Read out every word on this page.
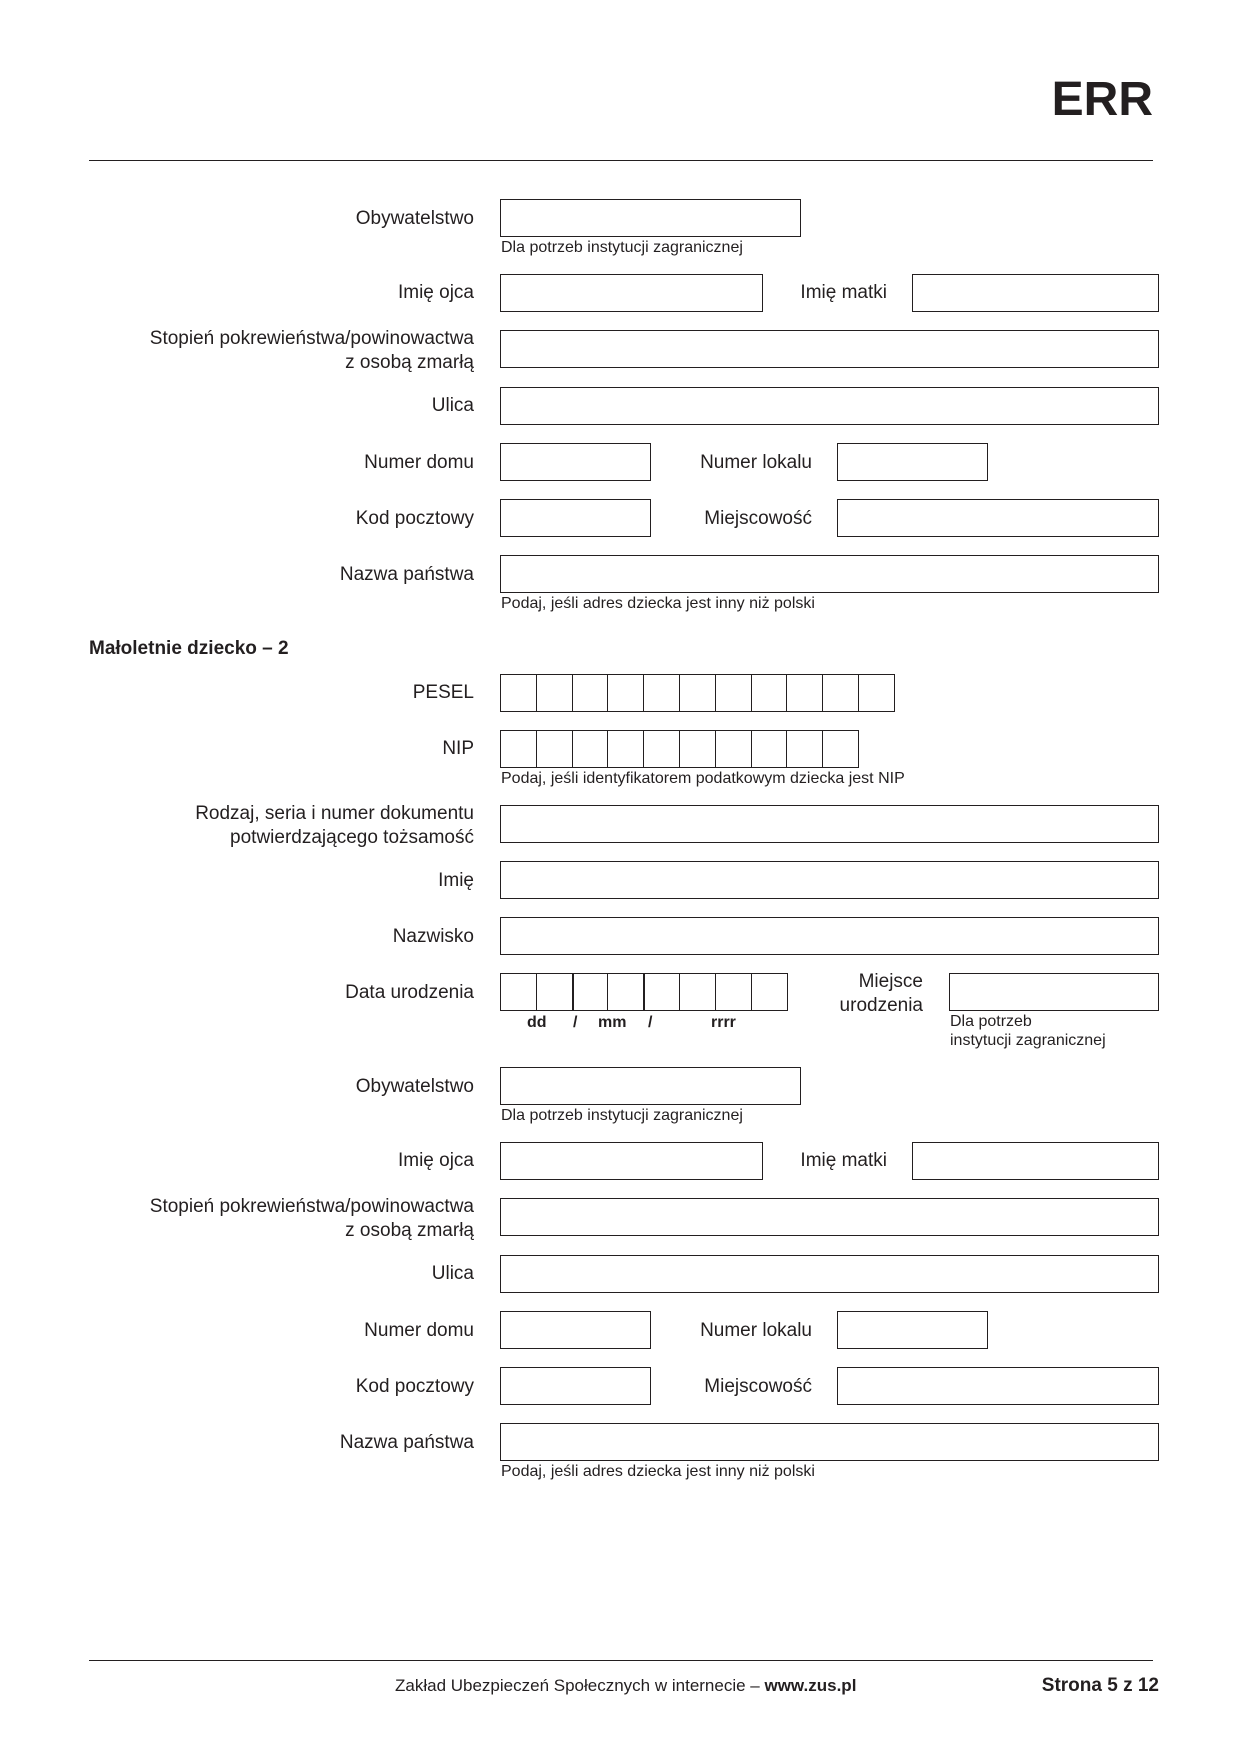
ERR
Obywatelstwo
Dla potrzeb instytucji zagranicznej
Imię ojca	Imię matki
Stopień pokrewieństwa/powinowactwa
z osobą zmarłą
Ulica
Numer domu	Numer lokalu
Kod pocztowy	Miejscowość
Nazwa państwa
Podaj, jeśli adres dziecka jest inny niż polski
Małoletnie dziecko – 2
PESEL
NIP
Podaj, jeśli identyfikatorem podatkowym dziecka jest NIP
Rodzaj, seria i numer dokumentu
potwierdzającego tożsamość
Imię
Nazwisko
Data urodzenia
dd / mm /	rrrr
Miejsce
urodzenia
Dla potrzeb
instytucji zagranicznej
Obywatelstwo
Dla potrzeb instytucji zagranicznej
Imię ojca	Imię matki
Stopień pokrewieństwa/powinowactwa
z osobą zmarłą
Ulica
Numer domu	Numer lokalu
Kod pocztowy	Miejscowość
Nazwa państwa
Podaj, jeśli adres dziecka jest inny niż polski
Zakład Ubezpieczeń Społecznych w internecie – www.zus.pl	Strona 5 z 12
